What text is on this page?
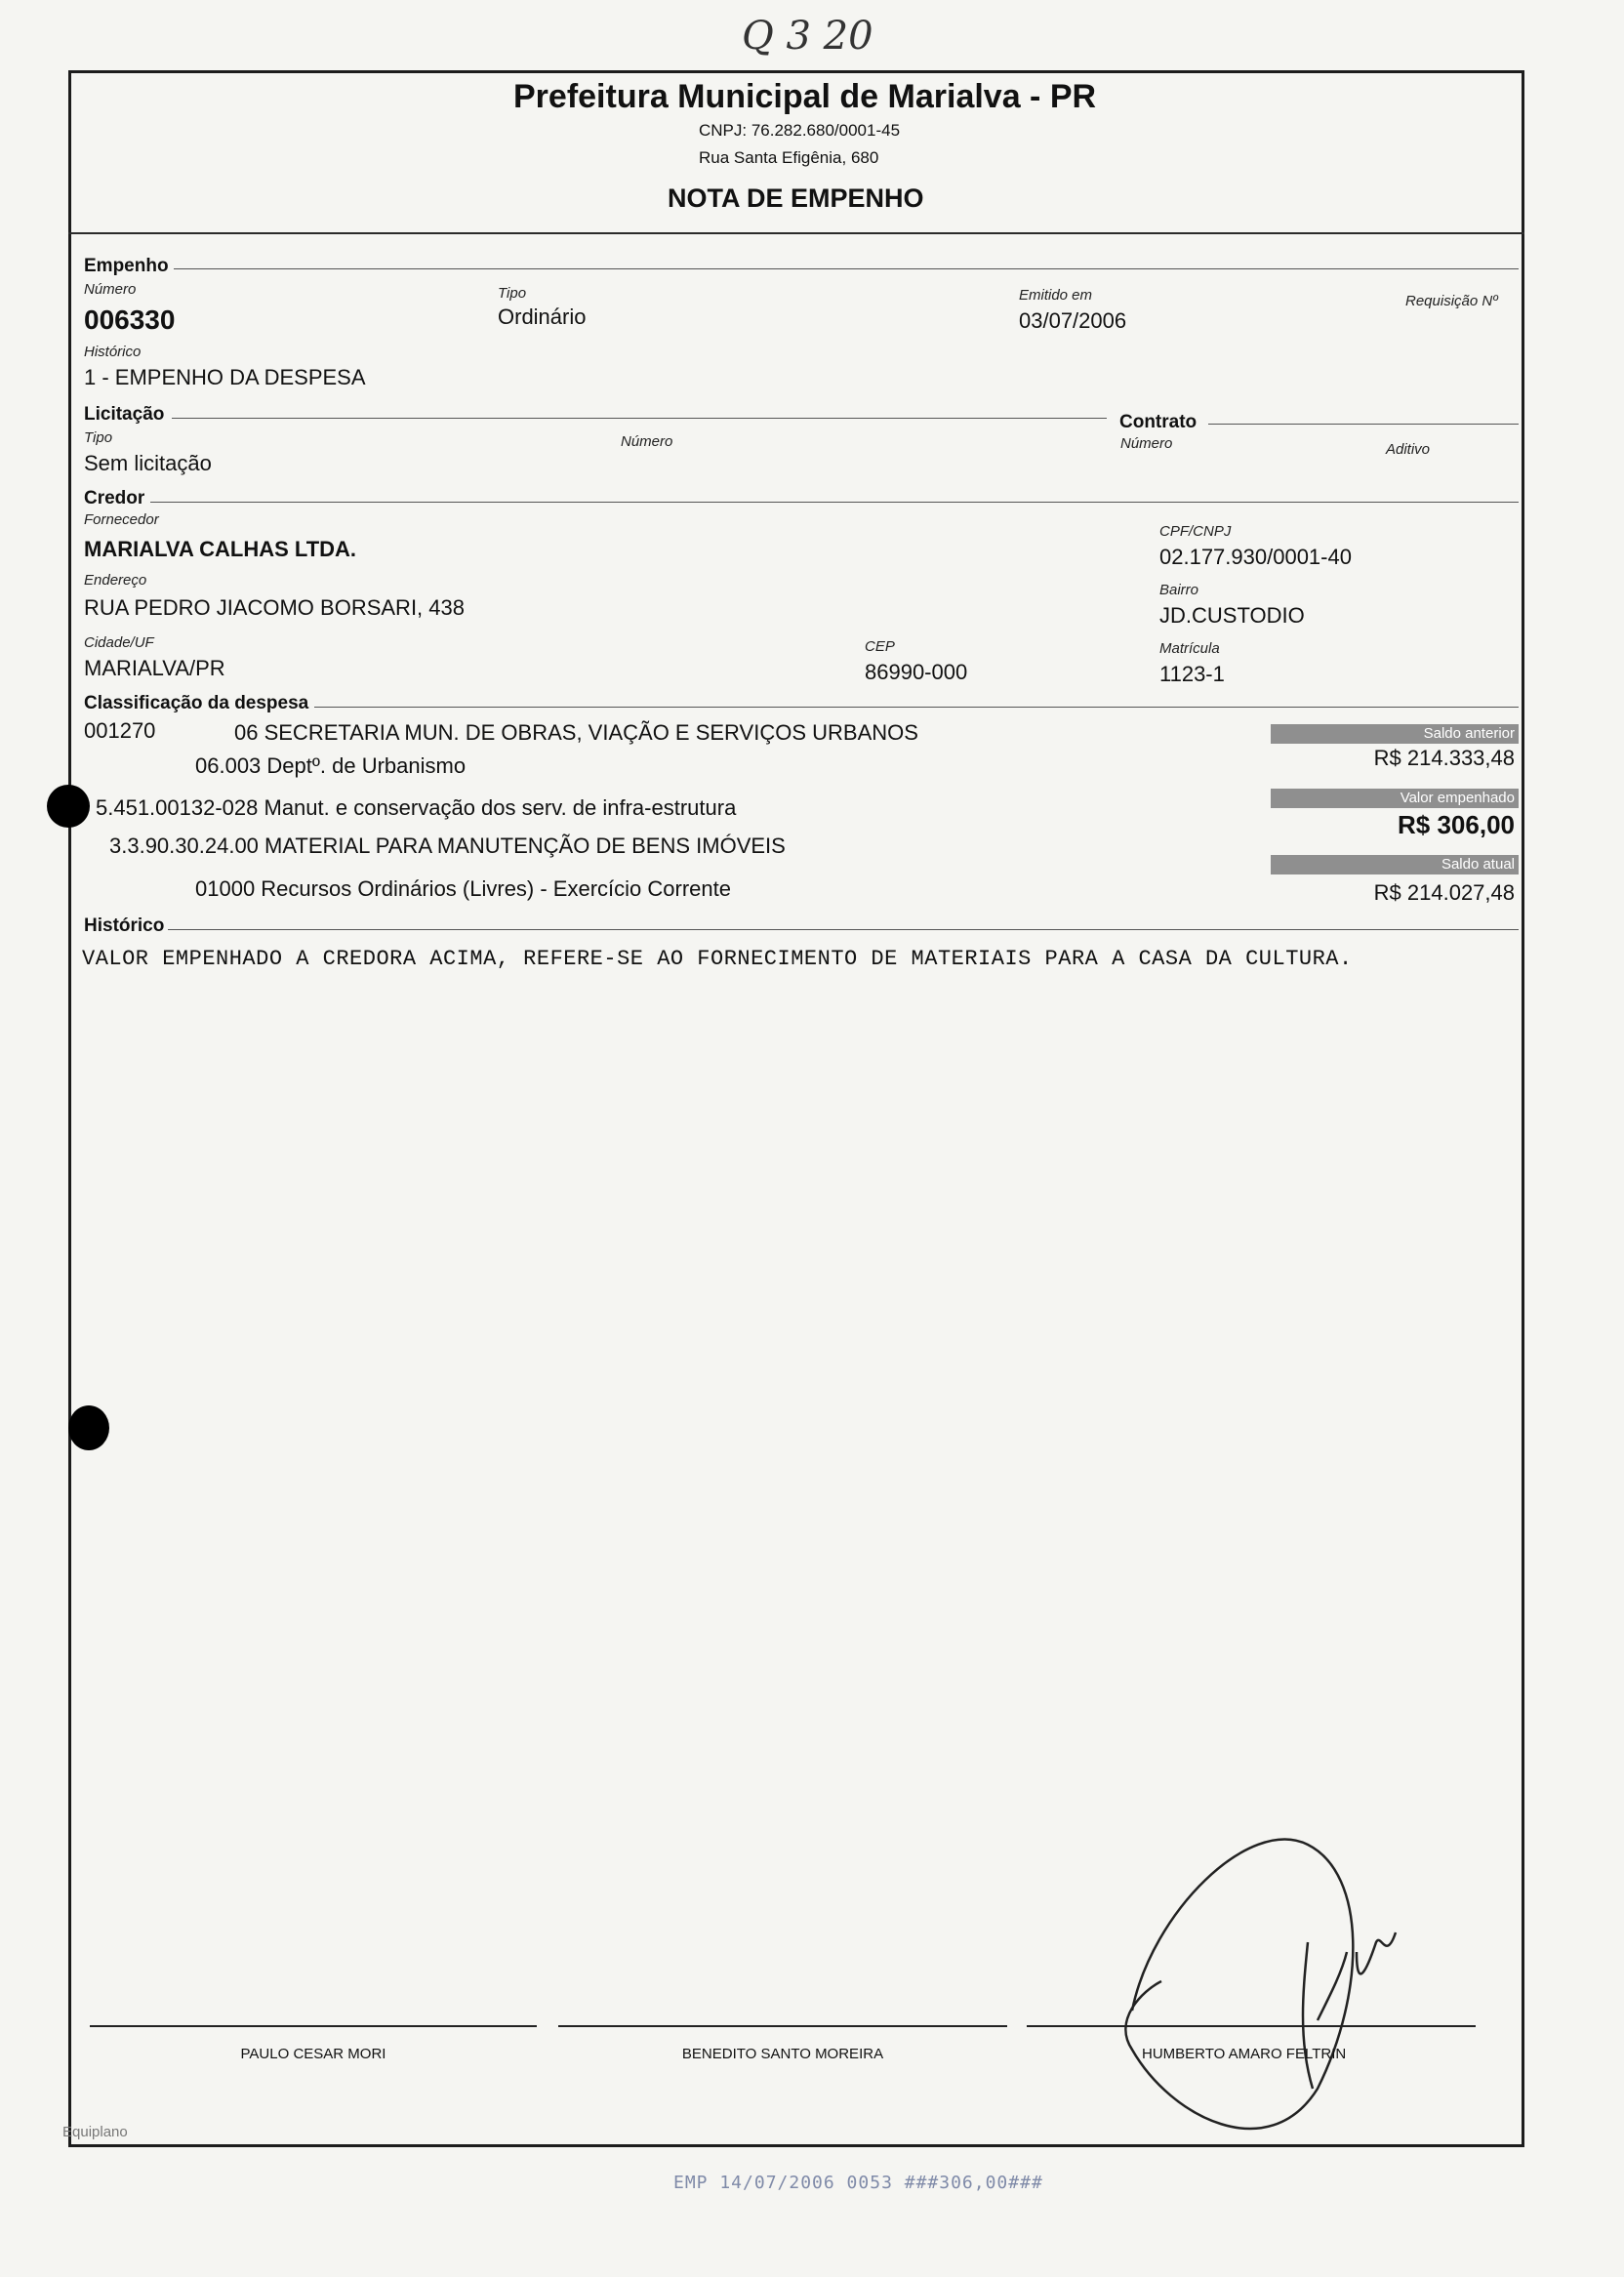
Q 3 20
Prefeitura Municipal de Marialva - PR
CNPJ: 76.282.680/0001-45
Rua Santa Efigênia, 680
NOTA DE EMPENHO
Empenho
Número
006330
Tipo
Ordinário
Emitido em
03/07/2006
Requisição Nº
Histórico
1 - EMPENHO DA DESPESA
Licitação	Contrato
Tipo
Sem licitação
Número	Número	Aditivo
Credor
Fornecedor
MARIALVA CALHAS LTDA.
CPF/CNPJ
02.177.930/0001-40
Endereço
RUA PEDRO JIACOMO BORSARI, 438
Bairro
JD.CUSTODIO
Cidade/UF
MARIALVA/PR
CEP
86990-000
Matrícula
1123-1
Classificação da despesa
001270	06 SECRETARIA MUN. DE OBRAS, VIAÇÃO E SERVIÇOS URBANOS
06.003 Deptº. de Urbanismo
5.451.00132-028 Manut. e conservação dos serv. de infra-estrutura
3.3.90.30.24.00 MATERIAL PARA MANUTENÇÃO DE BENS IMÓVEIS
01000 Recursos Ordinários (Livres) - Exercício Corrente
Saldo anterior
R$ 214.333,48
Valor empenhado
R$ 306,00
Saldo atual
R$ 214.027,48
Histórico
VALOR EMPENHADO A CREDORA ACIMA, REFERE-SE AO FORNECIMENTO DE MATERIAIS PARA A CASA DA CULTURA.
PAULO CESAR MORI	BENEDITO SANTO MOREIRA	HUMBERTO AMARO FELTRIN
Equiplano
EMP 14/07/2006 0053 ###306,00###
